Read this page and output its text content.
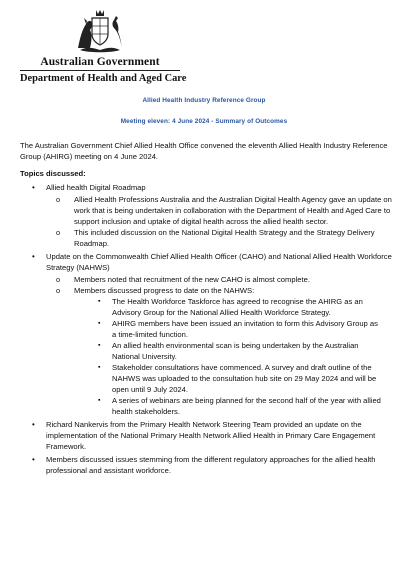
Australian Government
Department of Health and Aged Care
Allied Health Industry Reference Group
Meeting eleven: 4 June 2024 - Summary of Outcomes
The Australian Government Chief Allied Health Office convened the eleventh Allied Health Industry Reference Group (AHIRG) meeting on 4 June 2024.
Topics discussed:
• Allied health Digital Roadmap
o Allied Health Professions Australia and the Australian Digital Health Agency gave an update on work that is being undertaken in collaboration with the Department of Health and Aged Care to support inclusion and uptake of digital health across the allied health sector.
o This included discussion on the National Digital Health Strategy and the Strategy Delivery Roadmap.
• Update on the Commonwealth Chief Allied Health Officer (CAHO) and National Allied Health Workforce Strategy (NAHWS)
o Members noted that recruitment of the new CAHO is almost complete.
o Members discussed progress to date on the NAHWS:
▪ The Health Workforce Taskforce has agreed to recognise the AHIRG as an Advisory Group for the National Allied Health Workforce Strategy.
▪ AHIRG members have been issued an invitation to form this Advisory Group as a time-limited function.
▪ An allied health environmental scan is being undertaken by the Australian National University.
▪ Stakeholder consultations have commenced. A survey and draft outline of the NAHWS was uploaded to the consultation hub site on 29 May 2024 and will be open until 9 July 2024.
▪ A series of webinars are being planned for the second half of the year with allied health stakeholders.
• Richard Nankervis from the Primary Health Network Steering Team provided an update on the implementation of the National Primary Health Network Allied Health in Primary Care Engagement Framework.
• Members discussed issues stemming from the different regulatory approaches for the allied health professional and assistant workforce.
